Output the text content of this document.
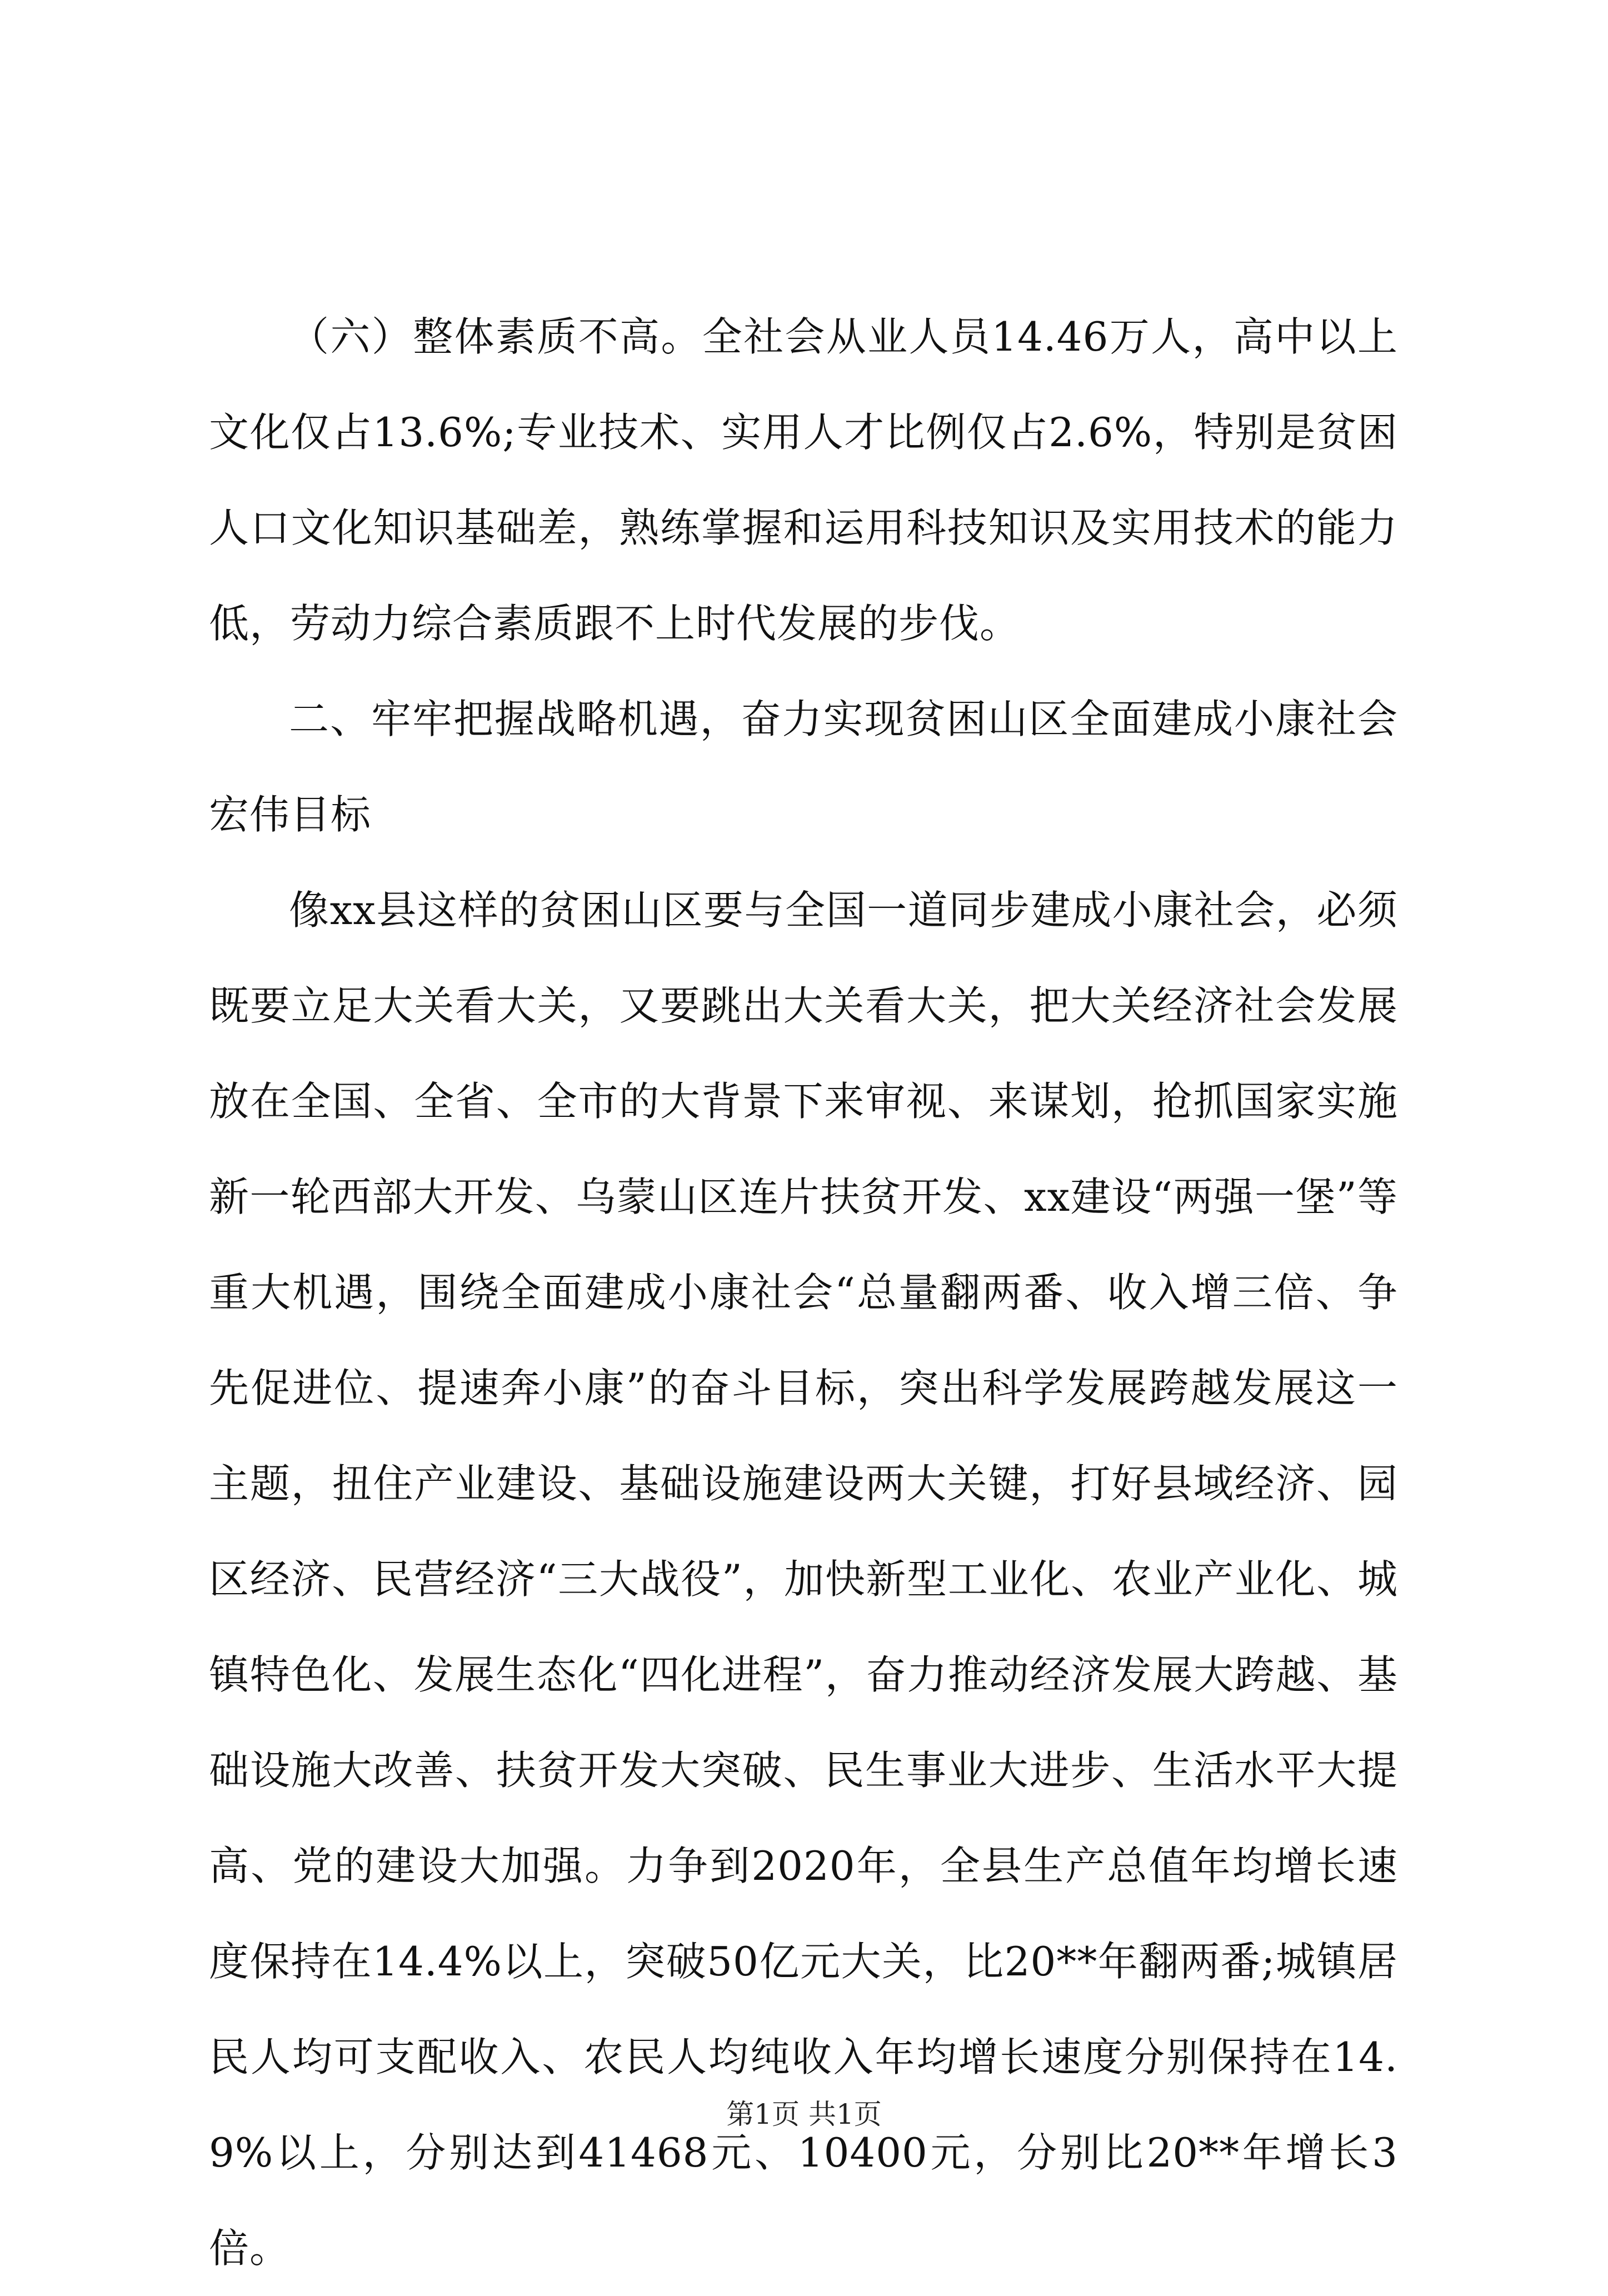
（六）整体素质不高。全社会从业人员14.46万人，高中以上文化仅占13.6%;专业技术、实用人才比例仅占2.6%，特别是贫困人口文化知识基础差，熟练掌握和运用科技知识及实用技术的能力低，劳动力综合素质跟不上时代发展的步伐。

二、牢牢把握战略机遇，奋力实现贫困山区全面建成小康社会宏伟目标

像xx县这样的贫困山区要与全国一道同步建成小康社会，必须既要立足大关看大关，又要跳出大关看大关，把大关经济社会发展放在全国、全省、全市的大背景下来审视、来谋划，抢抓国家实施新一轮西部大开发、乌蒙山区连片扶贫开发、xx建设“两强一堡”等重大机遇，围绕全面建成小康社会“总量翻两番、收入增三倍、争先促进位、提速奔小康”的奋斗目标，突出科学发展跨越发展这一主题，扭住产业建设、基础设施建设两大关键，打好县域经济、园区经济、民营经济“三大战役”，加快新型工业化、农业产业化、城镇特色化、发展生态化“四化进程”，奋力推动经济发展大跨越、基础设施大改善、扶贫开发大突破、民生事业大进步、生活水平大提高、党的建设大加强。力争到2020年，全县生产总值年均增长速度保持在14.4%以上，突破50亿元大关，比20**年翻两番;城镇居民人均可支配收入、农民人均纯收入年均增长速度分别保持在14.9%以上，分别达到41468元、10400元，分别比20**年增长3倍。

第1页 共1页
